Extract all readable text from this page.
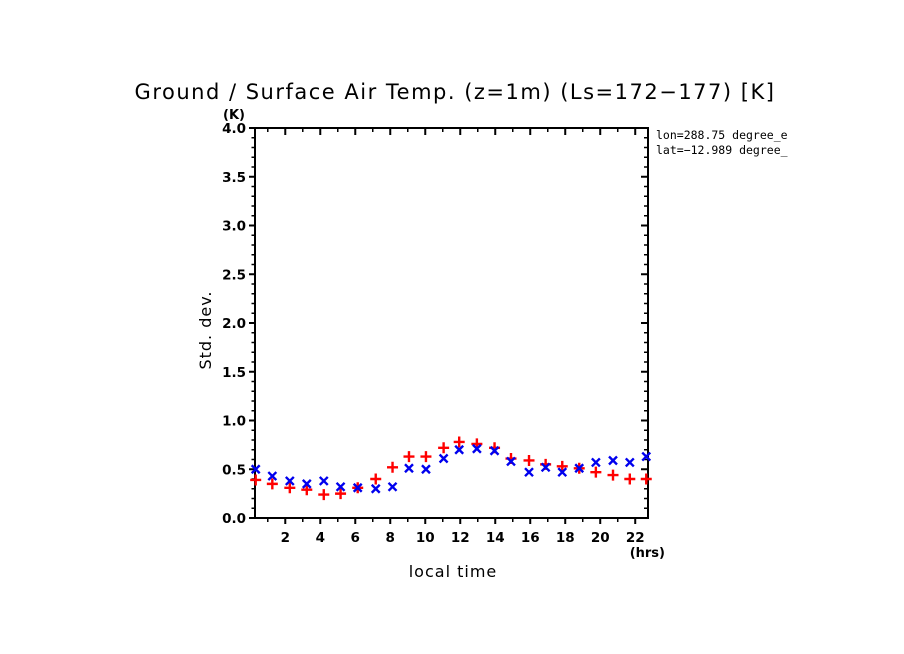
Ground / Surface Air Temp. (z=1m) (Ls=172−177) [K]
(K)
Std. dev.
local time
(hrs)
lon=288.75 degree_e
lat=−12.989 degree_
2 4 6 8 10 12 14 16 18 20 22
0.0
0.5
1.0
1.5
2.0
2.5
3.0
3.5
4.0
